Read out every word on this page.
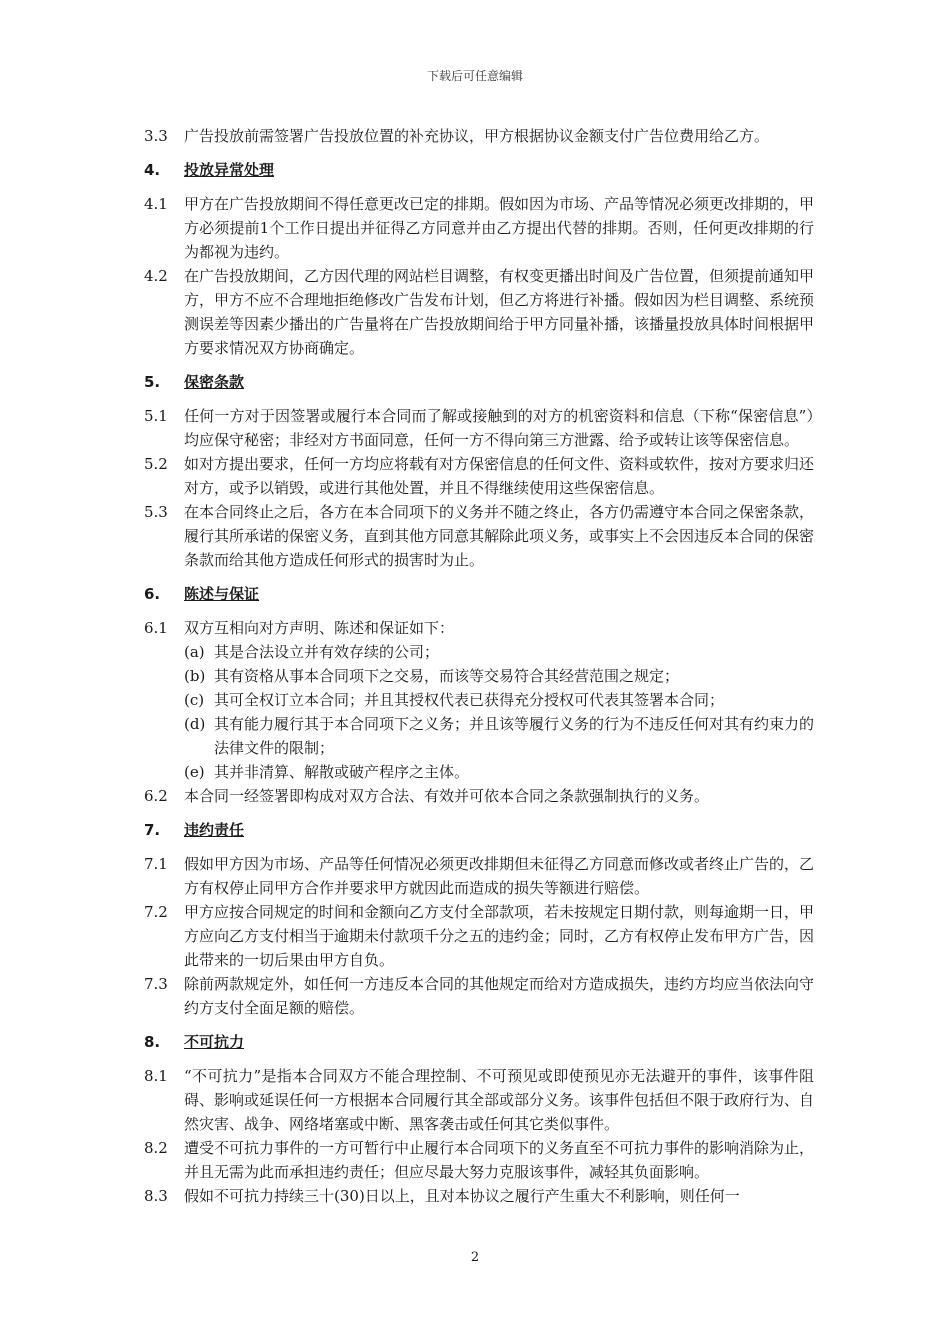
下载后可任意编辑
3.3	广告投放前需签署广告投放位置的补充协议，甲方根据协议金额支付广告位费用给乙方。
4.	投放异常处理
4.1	甲方在广告投放期间不得任意更改已定的排期。假如因为市场、产品等情况必须更改排期的，甲方必须提前1个工作日提出并征得乙方同意并由乙方提出代替的排期。否则，任何更改排期的行为都视为违约。
4.2	在广告投放期间，乙方因代理的网站栏目调整，有权变更播出时间及广告位置，但须提前通知甲方，甲方不应不合理地拒绝修改广告发布计划，但乙方将进行补播。假如因为栏目调整、系统预测误差等因素少播出的广告量将在广告投放期间给于甲方同量补播，该播量投放具体时间根据甲方要求情况双方协商确定。
5.	保密条款
5.1	任何一方对于因签署或履行本合同而了解或接触到的对方的机密资料和信息（下称“保密信息”）均应保守秘密；非经对方书面同意，任何一方不得向第三方泄露、给予或转让该等保密信息。
5.2	如对方提出要求，任何一方均应将载有对方保密信息的任何文件、资料或软件，按对方要求归还对方，或予以销毁，或进行其他处置，并且不得继续使用这些保密信息。
5.3	在本合同终止之后，各方在本合同项下的义务并不随之终止，各方仍需遵守本合同之保密条款，履行其所承诺的保密义务，直到其他方同意其解除此项义务，或事实上不会因违反本合同的保密条款而给其他方造成任何形式的损害时为止。
6.	陈述与保证
6.1	双方互相向对方声明、陈述和保证如下：
(a) 其是合法设立并有效存续的公司；
(b) 其有资格从事本合同项下之交易，而该等交易符合其经营范围之规定；
(c) 其可全权订立本合同；并且其授权代表已获得充分授权可代表其签署本合同；
(d) 其有能力履行其于本合同项下之义务；并且该等履行义务的行为不违反任何对其有约束力的法律文件的限制；
(e) 其并非清算、解散或破产程序之主体。
6.2	本合同一经签署即构成对双方合法、有效并可依本合同之条款强制执行的义务。
7.	违约责任
7.1	假如甲方因为市场、产品等任何情况必须更改排期但未征得乙方同意而修改或者终止广告的，乙方有权停止同甲方合作并要求甲方就因此而造成的损失等额进行赔偿。
7.2	甲方应按合同规定的时间和金额向乙方支付全部款项，若未按规定日期付款，则每逾期一日，甲方应向乙方支付相当于逾期未付款项千分之五的违约金；同时，乙方有权停止发布甲方广告，因此带来的一切后果由甲方自负。
7.3	除前两款规定外，如任何一方违反本合同的其他规定而给对方造成损失，违约方均应当依法向守约方支付全面足额的赔偿。
8.	不可抗力
8.1	“不可抗力”是指本合同双方不能合理控制、不可预见或即使预见亦无法避开的事件，该事件阻碍、影响或延误任何一方根据本合同履行其全部或部分义务。该事件包括但不限于政府行为、自然灾害、战争、网络堵塞或中断、黑客袭击或任何其它类似事件。
8.2	遭受不可抗力事件的一方可暂行中止履行本合同项下的义务直至不可抗力事件的影响消除为止，并且无需为此而承担违约责任；但应尽最大努力克服该事件，减轻其负面影响。
8.3	假如不可抗力持续三十(30)日以上，且对本协议之履行产生重大不利影响，则任何一
2
